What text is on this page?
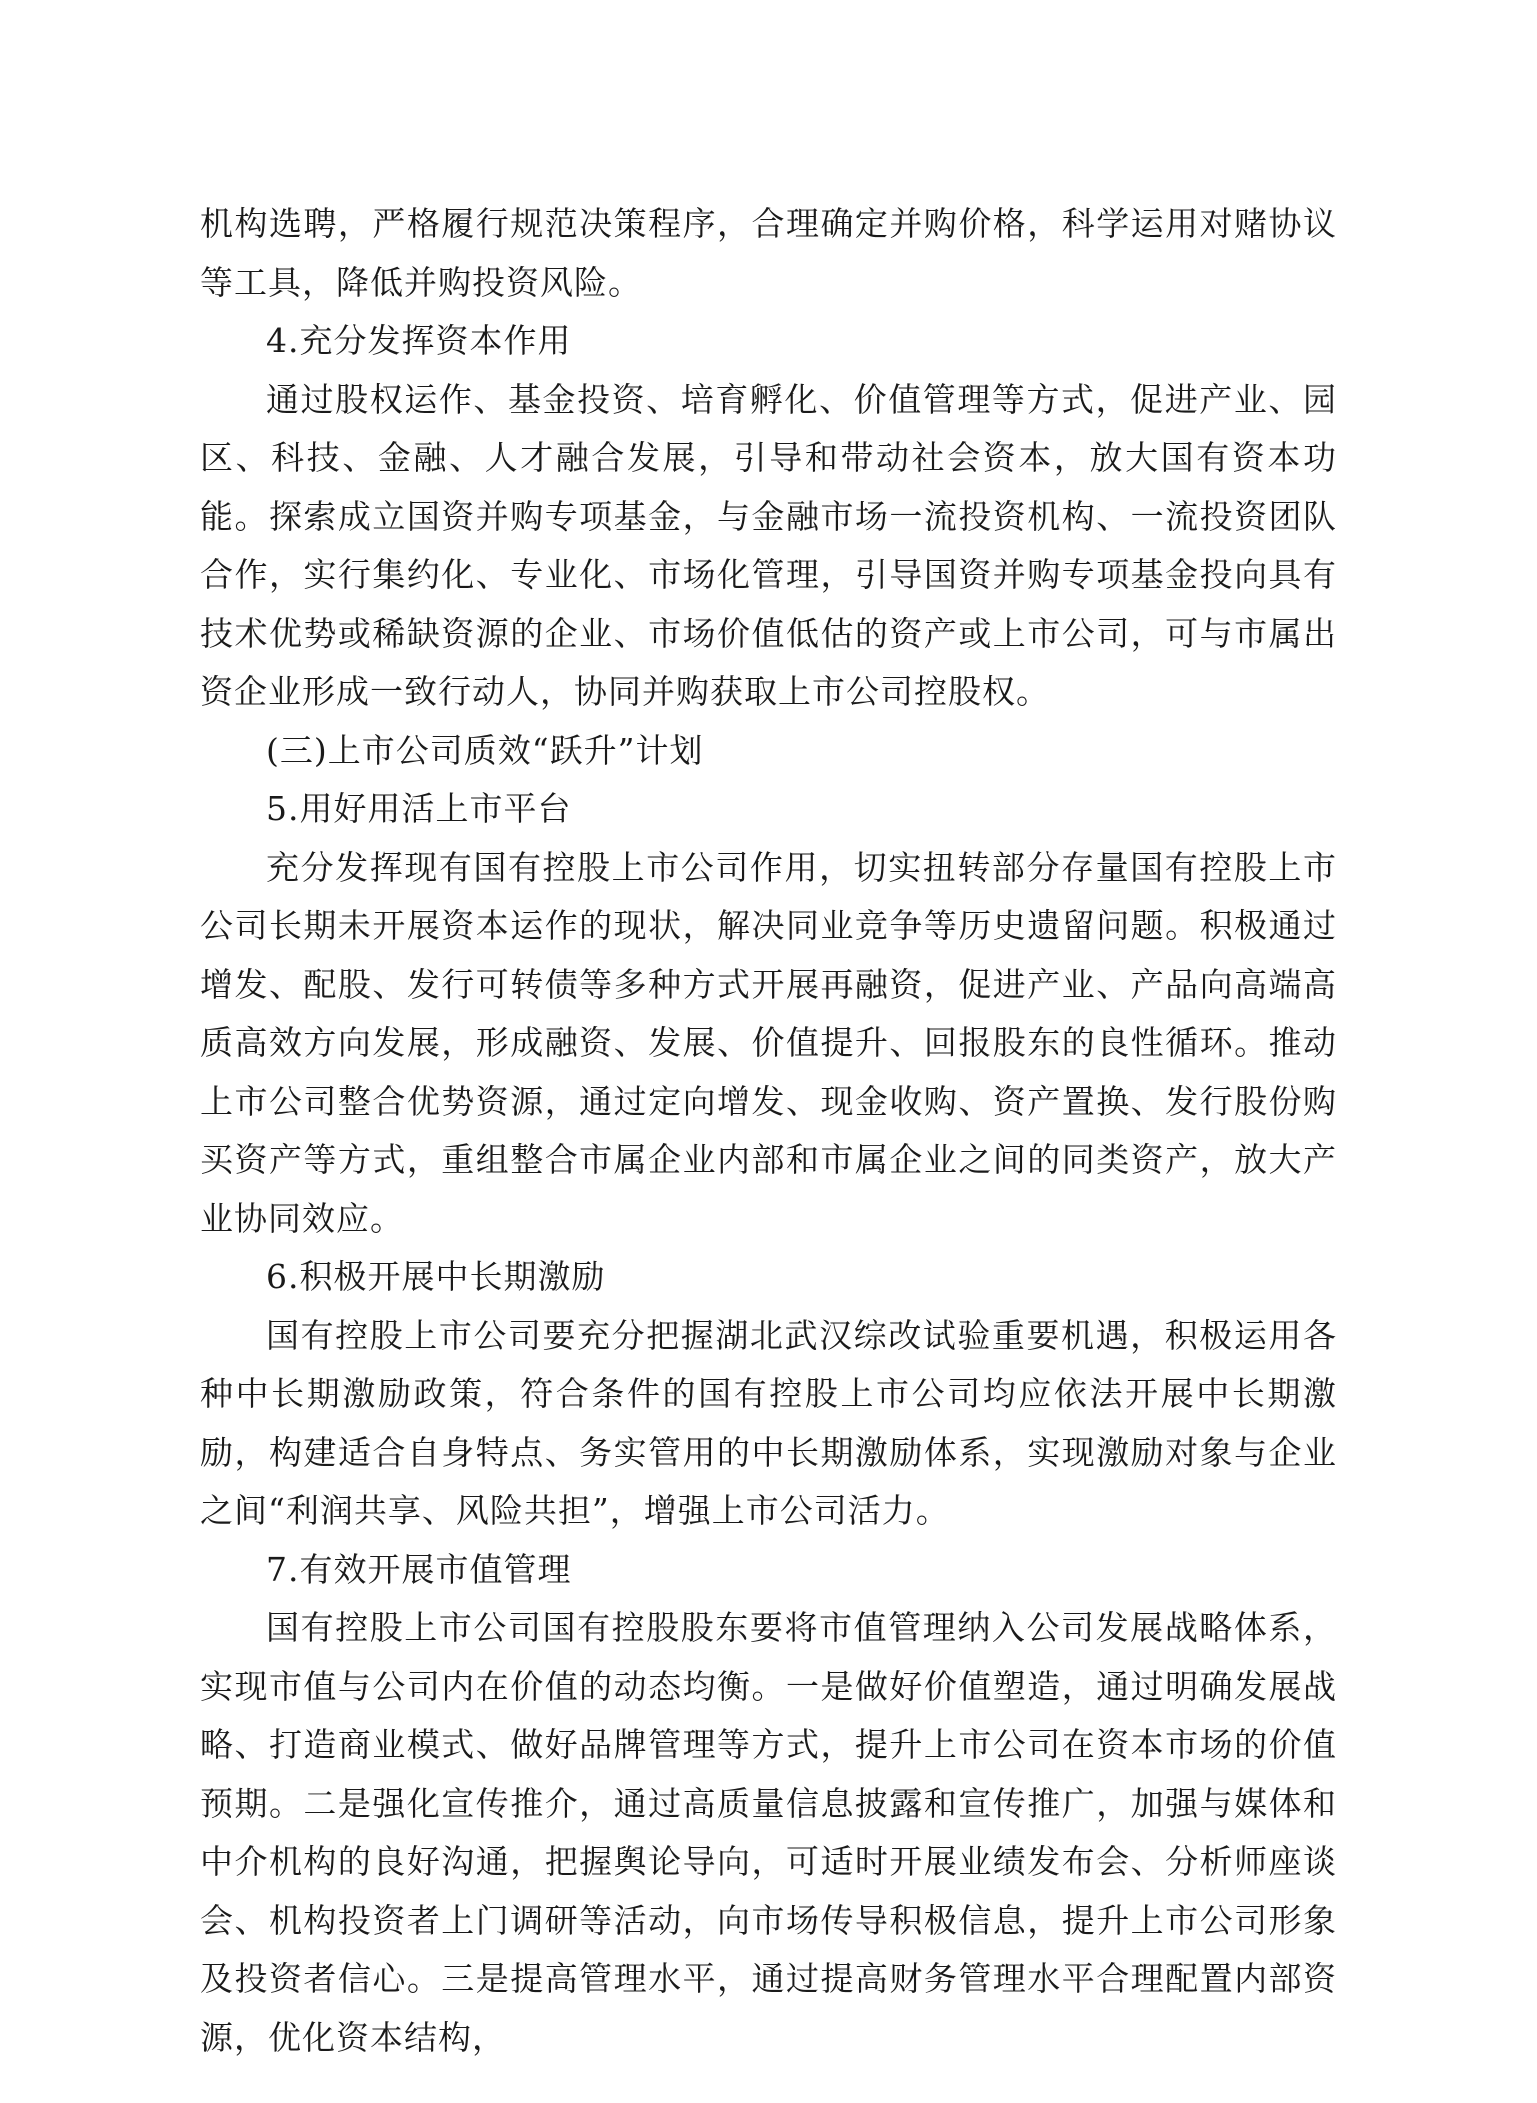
机构选聘，严格履行规范决策程序，合理确定并购价格，科学运用对赌协议等工具，降低并购投资风险。

4.充分发挥资本作用

通过股权运作、基金投资、培育孵化、价值管理等方式，促进产业、园区、科技、金融、人才融合发展，引导和带动社会资本，放大国有资本功能。探索成立国资并购专项基金，与金融市场一流投资机构、一流投资团队合作，实行集约化、专业化、市场化管理，引导国资并购专项基金投向具有技术优势或稀缺资源的企业、市场价值低估的资产或上市公司，可与市属出资企业形成一致行动人，协同并购获取上市公司控股权。

(三)上市公司质效“跃升”计划

5.用好用活上市平台

充分发挥现有国有控股上市公司作用，切实扭转部分存量国有控股上市公司长期未开展资本运作的现状，解决同业竞争等历史遗留问题。积极通过增发、配股、发行可转债等多种方式开展再融资，促进产业、产品向高端高质高效方向发展，形成融资、发展、价值提升、回报股东的良性循环。推动上市公司整合优势资源，通过定向增发、现金收购、资产置换、发行股份购买资产等方式，重组整合市属企业内部和市属企业之间的同类资产，放大产业协同效应。

6.积极开展中长期激励

国有控股上市公司要充分把握湖北武汉综改试验重要机遇，积极运用各种中长期激励政策，符合条件的国有控股上市公司均应依法开展中长期激励，构建适合自身特点、务实管用的中长期激励体系，实现激励对象与企业之间“利润共享、风险共担”，增强上市公司活力。

7.有效开展市值管理

国有控股上市公司国有控股股东要将市值管理纳入公司发展战略体系，实现市值与公司内在价值的动态均衡。一是做好价值塑造，通过明确发展战略、打造商业模式、做好品牌管理等方式，提升上市公司在资本市场的价值预期。二是强化宣传推介，通过高质量信息披露和宣传推广，加强与媒体和中介机构的良好沟通，把握舆论导向，可适时开展业绩发布会、分析师座谈会、机构投资者上门调研等活动，向市场传导积极信息，提升上市公司形象及投资者信心。三是提高管理水平，通过提高财务管理水平合理配置内部资源，优化资本结构，
